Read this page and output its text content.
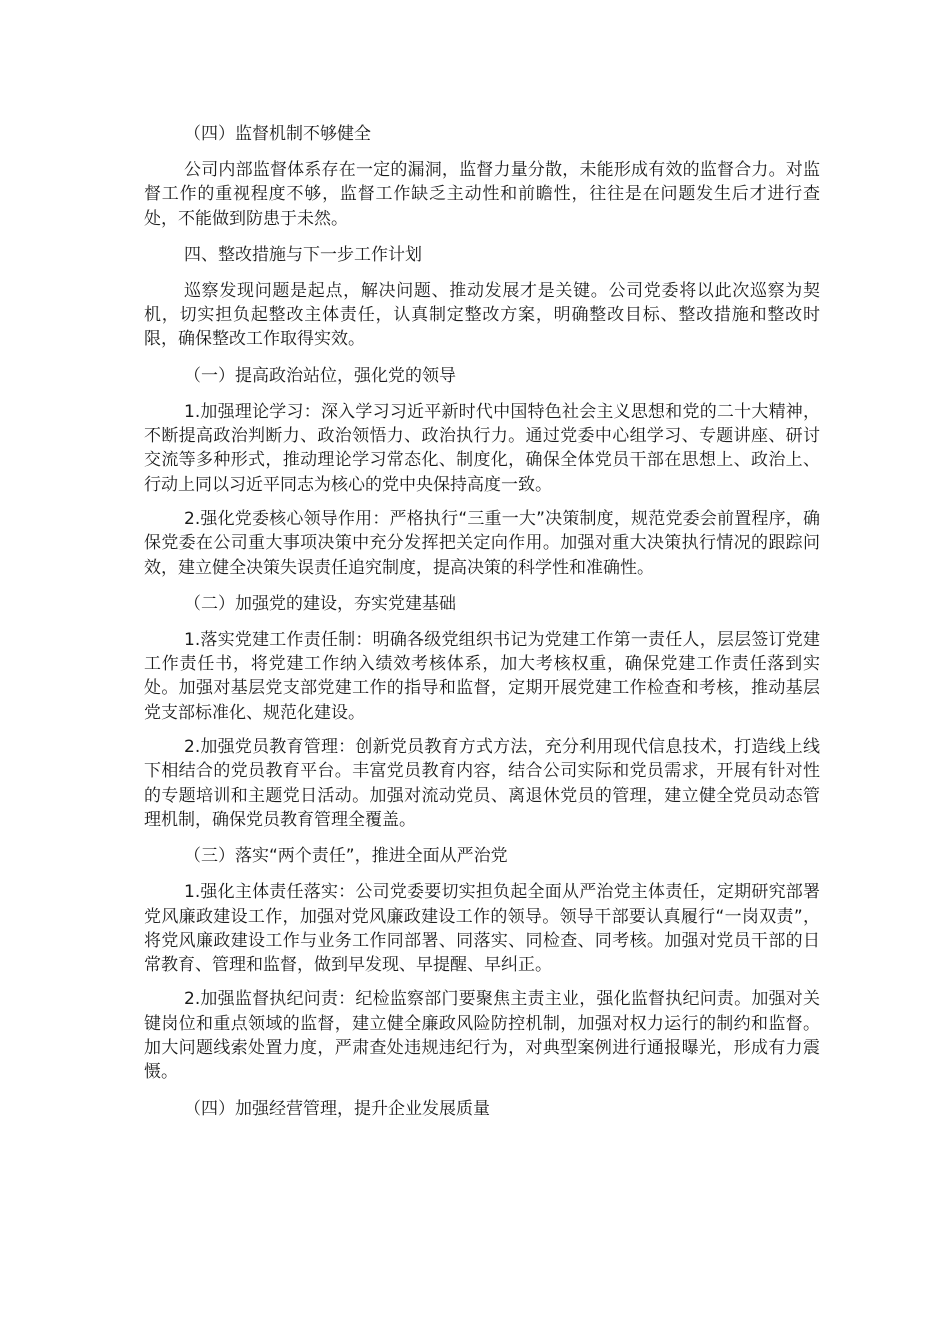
（四）监督机制不够健全

公司内部监督体系存在一定的漏洞，监督力量分散，未能形成有效的监督合力。对监督工作的重视程度不够，监督工作缺乏主动性和前瞻性，往往是在问题发生后才进行查处，不能做到防患于未然。

四、整改措施与下一步工作计划

巡察发现问题是起点，解决问题、推动发展才是关键。公司党委将以此次巡察为契机，切实担负起整改主体责任，认真制定整改方案，明确整改目标、整改措施和整改时限，确保整改工作取得实效。

（一）提高政治站位，强化党的领导

1.加强理论学习：深入学习习近平新时代中国特色社会主义思想和党的二十大精神，不断提高政治判断力、政治领悟力、政治执行力。通过党委中心组学习、专题讲座、研讨交流等多种形式，推动理论学习常态化、制度化，确保全体党员干部在思想上、政治上、行动上同以习近平同志为核心的党中央保持高度一致。

2.强化党委核心领导作用：严格执行“三重一大”决策制度，规范党委会前置程序，确保党委在公司重大事项决策中充分发挥把关定向作用。加强对重大决策执行情况的跟踪问效，建立健全决策失误责任追究制度，提高决策的科学性和准确性。

（二）加强党的建设，夯实党建基础

1.落实党建工作责任制：明确各级党组织书记为党建工作第一责任人，层层签订党建工作责任书，将党建工作纳入绩效考核体系，加大考核权重，确保党建工作责任落到实处。加强对基层党支部党建工作的指导和监督，定期开展党建工作检查和考核，推动基层党支部标准化、规范化建设。

2.加强党员教育管理：创新党员教育方式方法，充分利用现代信息技术，打造线上线下相结合的党员教育平台。丰富党员教育内容，结合公司实际和党员需求，开展有针对性的专题培训和主题党日活动。加强对流动党员、离退休党员的管理，建立健全党员动态管理机制，确保党员教育管理全覆盖。

（三）落实“两个责任”，推进全面从严治党

1.强化主体责任落实：公司党委要切实担负起全面从严治党主体责任，定期研究部署党风廉政建设工作，加强对党风廉政建设工作的领导。领导干部要认真履行“一岗双责”，将党风廉政建设工作与业务工作同部署、同落实、同检查、同考核。加强对党员干部的日常教育、管理和监督，做到早发现、早提醒、早纠正。

2.加强监督执纪问责：纪检监察部门要聚焦主责主业，强化监督执纪问责。加强对关键岗位和重点领域的监督，建立健全廉政风险防控机制，加强对权力运行的制约和监督。加大问题线索处置力度，严肃查处违规违纪行为，对典型案例进行通报曝光，形成有力震慑。

（四）加强经营管理，提升企业发展质量
